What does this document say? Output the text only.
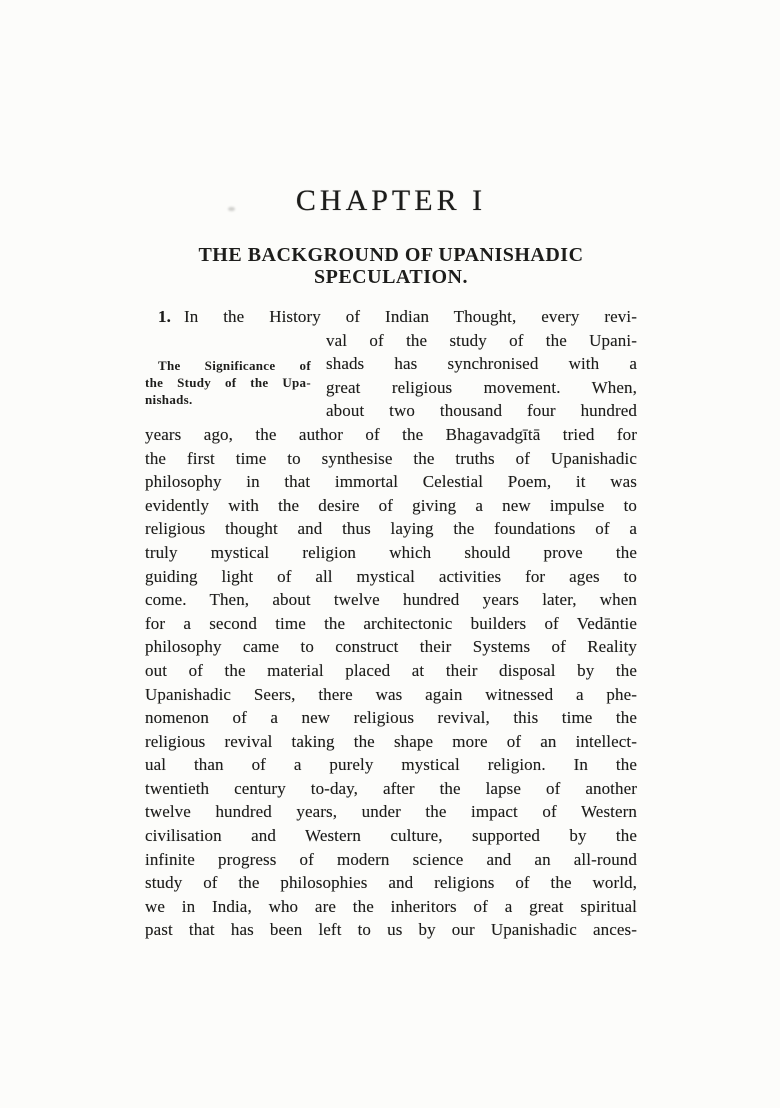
CHAPTER I
THE BACKGROUND OF UPANISHADIC
SPECULATION.
1. In the History of Indian Thought, every revi-
The Significance of
the Study of the Upa-
nishads.
val of the study of the Upani-
shads has synchronised with a
great religious movement. When,
about two thousand four hundred
years ago, the author of the Bhagavadgītā tried for
the first time to synthesise the truths of Upanishadic
philosophy in that immortal Celestial Poem, it was
evidently with the desire of giving a new impulse to
religious thought and thus laying the foundations of a
truly mystical religion which should prove the
guiding light of all mystical activities for ages to
come. Then, about twelve hundred years later, when
for a second time the architectonic builders of Vedāntie
philosophy came to construct their Systems of Reality
out of the material placed at their disposal by the
Upanishadic Seers, there was again witnessed a phe-
nomenon of a new religious revival, this time the
religious revival taking the shape more of an intellect-
ual than of a purely mystical religion. In the
twentieth century to-day, after the lapse of another
twelve hundred years, under the impact of Western
civilisation and Western culture, supported by the
infinite progress of modern science and an all-round
study of the philosophies and religions of the world,
we in India, who are the inheritors of a great spiritual
past that has been left to us by our Upanishadic ances-
